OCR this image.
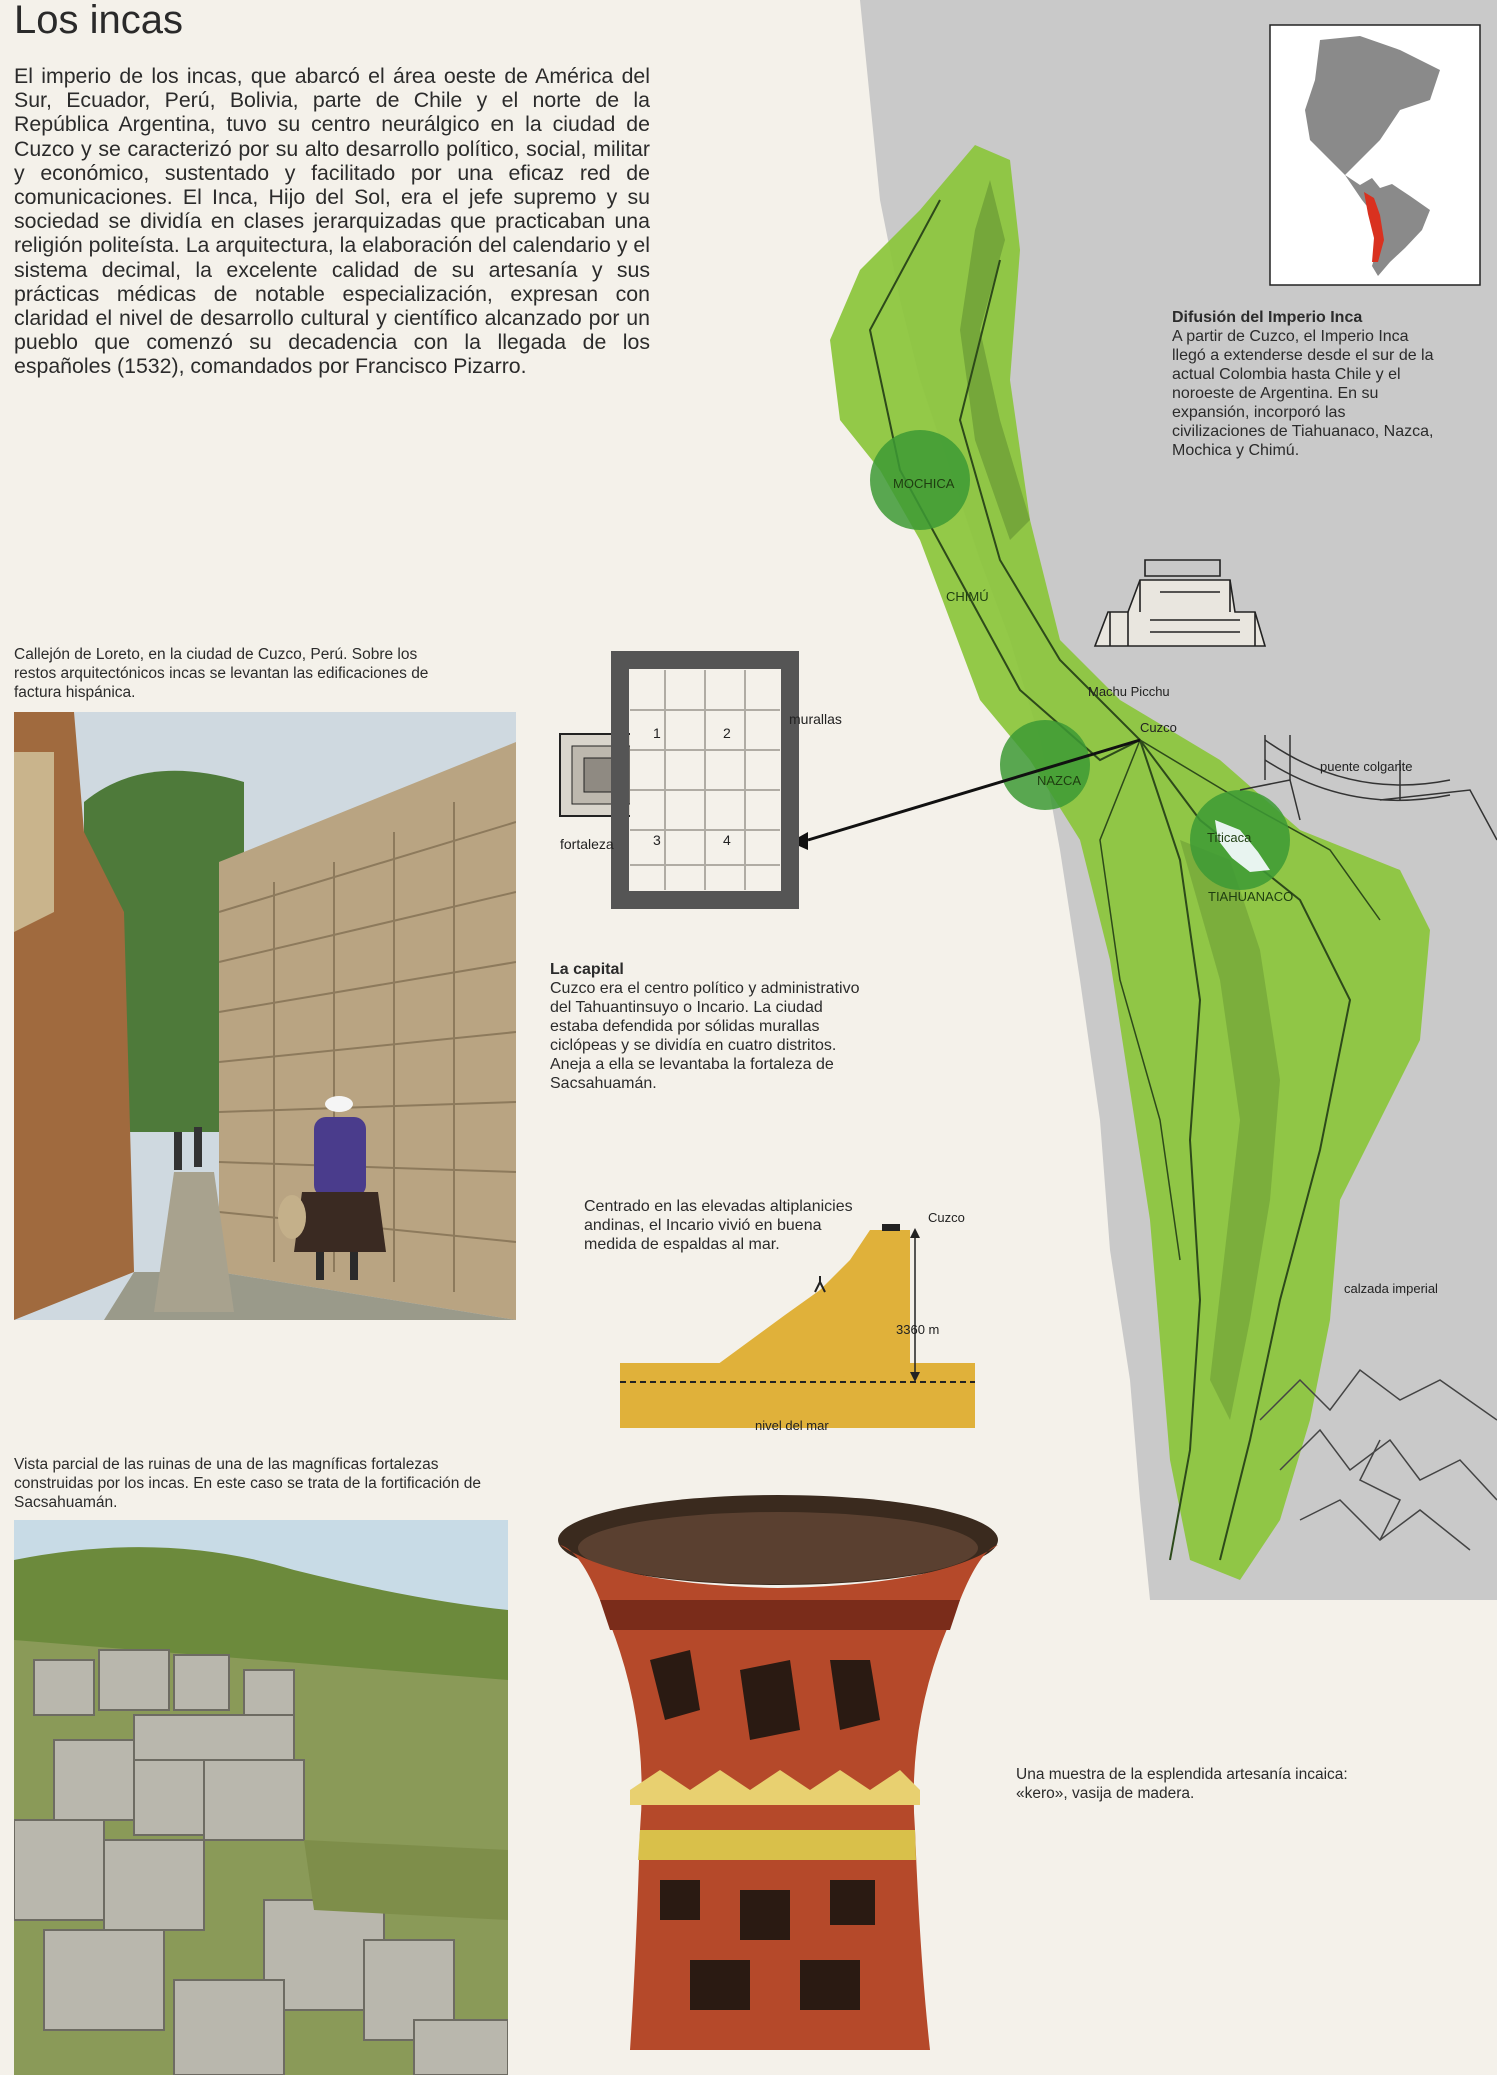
Los incas
El imperio de los incas, que abarcó el área oeste de América del Sur, Ecuador, Perú, Bolivia, parte de Chile y el norte de la República Argentina, tuvo su centro neurálgico en la ciudad de Cuzco y se caracterizó por su alto desarrollo político, social, militar y económico, sustentado y facilitado por una eficaz red de comunicaciones. El Inca, Hijo del Sol, era el jefe supremo y su sociedad se dividía en clases jerarquizadas que practicaban una religión politeísta. La arquitectura, la elaboración del calendario y el sistema decimal, la excelente calidad de su artesanía y sus prácticas médicas de notable especialización, expresan con claridad el nivel de desarrollo cultural y científico alcanzado por un pueblo que comenzó su decadencia con la llegada de los españoles (1532), comandados por Francisco Pizarro.
MOCHICA
CHIMÚ
Machu Picchu
Cuzco
NAZCA
Titicaca
TIAHUANACO
puente colgante
calzada imperial
Difusión del Imperio Inca
A partir de Cuzco, el Imperio Inca llegó a extenderse desde el sur de la actual Colombia hasta Chile y el noroeste de Argentina. En su expansión, incorporó las civilizaciones de Tiahuanaco, Nazca, Mochica y Chimú.
1	2
3	4
murallas
fortaleza
La capital
Cuzco era el centro político y administrativo del Tahuantinsuyo o Incario. La ciudad estaba defendida por sólidas murallas ciclópeas y se dividía en cuatro distritos. Aneja a ella se levantaba la fortaleza de Sacsahuamán.
Callejón de Loreto, en la ciudad de Cuzco, Perú. Sobre los restos arquitectónicos incas se levantan las edificaciones de factura hispánica.
Centrado en las elevadas altiplanicies andinas, el Incario vivió en buena medida de espaldas al mar.
Cuzco
3360 m
nivel del mar
Vista parcial de las ruinas de una de las magníficas fortalezas construidas por los incas. En este caso se trata de la fortificación de Sacsahuamán.
Una muestra de la esplendida artesanía incaica: «kero», vasija de madera.
